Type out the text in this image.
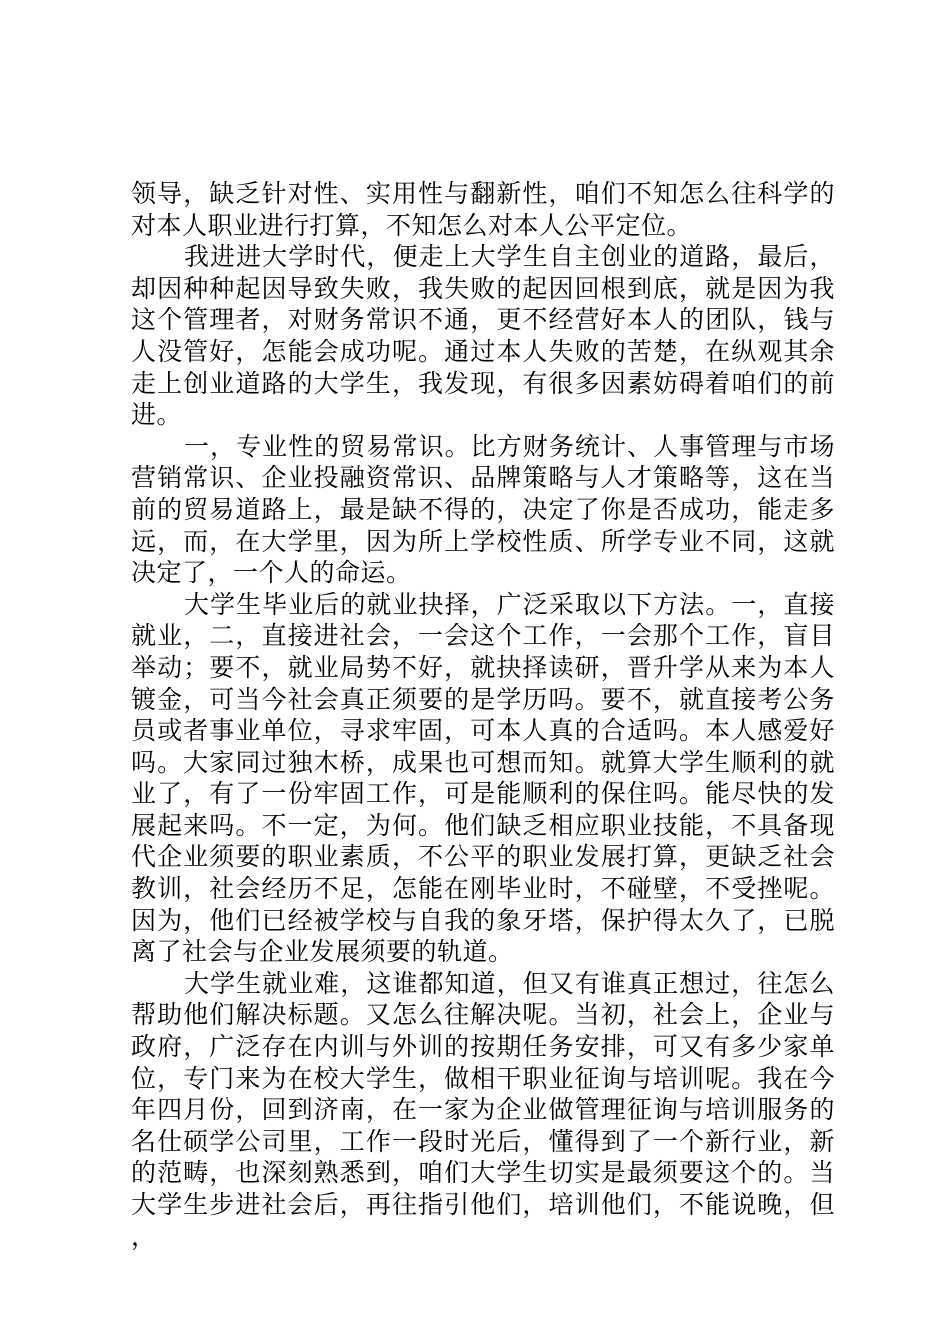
领导，缺乏针对性、实用性与翻新性，咱们不知怎么往科学的对本人职业进行打算，不知怎么对本人公平定位。

我进进大学时代，便走上大学生自主创业的道路，最后，却因种种起因导致失败，我失败的起因回根到底，就是因为我这个管理者，对财务常识不通，更不经营好本人的团队，钱与人没管好，怎能会成功呢。通过本人失败的苦楚，在纵观其余走上创业道路的大学生，我发现，有很多因素妨碍着咱们的前进。

一，专业性的贸易常识。比方财务统计、人事管理与市场营销常识、企业投融资常识、品牌策略与人才策略等，这在当前的贸易道路上，最是缺不得的，决定了你是否成功，能走多远，而，在大学里，因为所上学校性质、所学专业不同，这就决定了，一个人的命运。

大学生毕业后的就业抉择，广泛采取以下方法。一，直接就业，二，直接进社会，一会这个工作，一会那个工作，盲目举动；要不，就业局势不好，就抉择读研，晋升学从来为本人镀金，可当今社会真正须要的是学历吗。要不，就直接考公务员或者事业单位，寻求牢固，可本人真的合适吗。本人感爱好吗。大家同过独木桥，成果也可想而知。就算大学生顺利的就业了，有了一份牢固工作，可是能顺利的保住吗。能尽快的发展起来吗。不一定，为何。他们缺乏相应职业技能，不具备现代企业须要的职业素质，不公平的职业发展打算，更缺乏社会教训，社会经历不足，怎能在刚毕业时，不碰壁，不受挫呢。因为，他们已经被学校与自我的象牙塔，保护得太久了，已脱离了社会与企业发展须要的轨道。

大学生就业难，这谁都知道，但又有谁真正想过，往怎么帮助他们解决标题。又怎么往解决呢。当初，社会上，企业与政府，广泛存在内训与外训的按期任务安排，可又有多少家单位，专门来为在校大学生，做相干职业征询与培训呢。我在今年四月份，回到济南，在一家为企业做管理征询与培训服务的名仕硕学公司里，工作一段时光后，懂得到了一个新行业，新的范畴，也深刻熟悉到，咱们大学生切实是最须要这个的。当大学生步进社会后，再往指引他们，培训他们，不能说晚，但，
